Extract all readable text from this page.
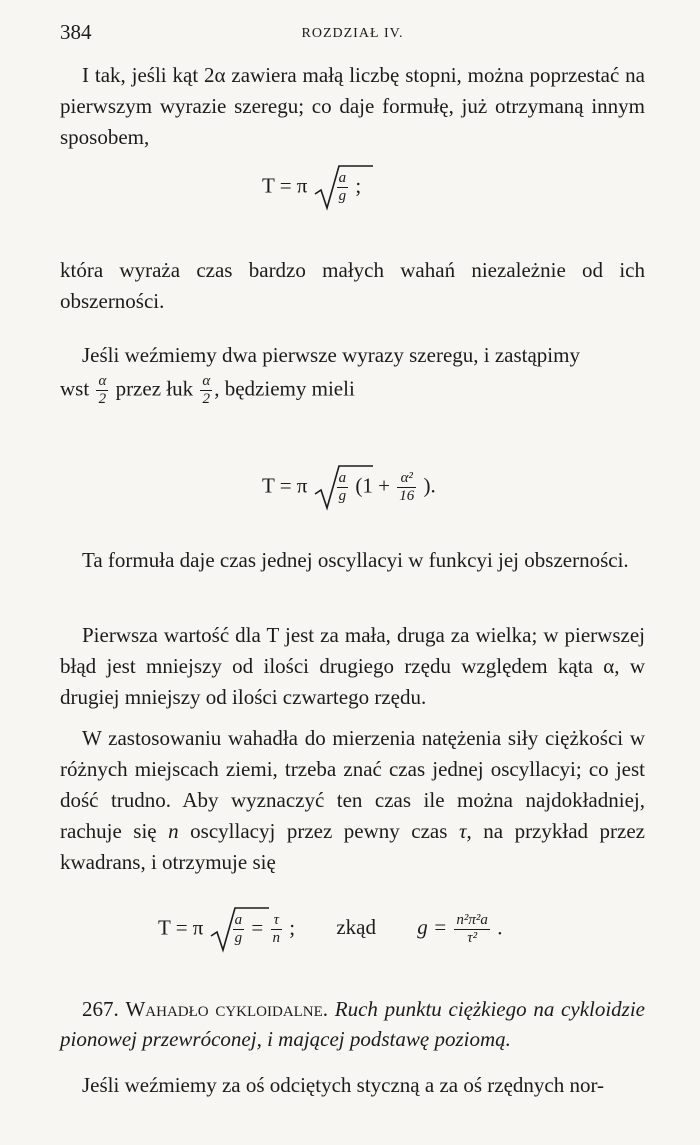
384	ROZDZIAŁ IV.

I tak, jeśli kąt 2α zawiera małą liczbę stopni, można poprzestać na pierwszym wyrazie szeregu; co daje formułę, już otrzymaną innym sposobem,

T = π $\frac{a}{g}$ ;

która wyraża czas bardzo małych wahań niezależnie od ich obszerności.

Jeśli weźmiemy dwa pierwsze wyrazy szeregu, i zastąpimy

wst $\frac{\alpha}{2}$ przez łuk $\frac{\alpha}{2}$ , będziemy mieli
T = π $\frac{a}{g} (1 + \frac{\text{α²}}{16}$ ).

Ta formuła daje czas jednej oscyllacyi w funkcyi jej obszerności.

Pierwsza wartość dla T jest za mała, druga za wielka; w pierwszej błąd jest mniejszy od ilości drugiego rzędu względem kąta α, w drugiej mniejszy od ilości czwartego rzędu.

W zastosowaniu wahadła do mierzenia natężenia siły ciężkości w różnych miejscach ziemi, trzeba znać czas jednej oscyllacyi; co jest dość trudno. Aby wyznaczyć ten czas ile można najdokładniej, rachuje się n oscyllacyj przez pewny czas τ, na przykład przez kwadrans, i otrzymuje się

T = π $\frac{a}{g} = \frac{\tau}{n}$ ; zkąd $g = \frac{\text{n²π²a}}{\text{τ²}}$ .

267. Wahadło cykloidalne. Ruch punktu ciężkiego na cykloidzie pionowej przewróconej, i mającej podstawę poziomą.

Jeśli weźmiemy za oś odciętych styczną a za oś rzędnych nor-
